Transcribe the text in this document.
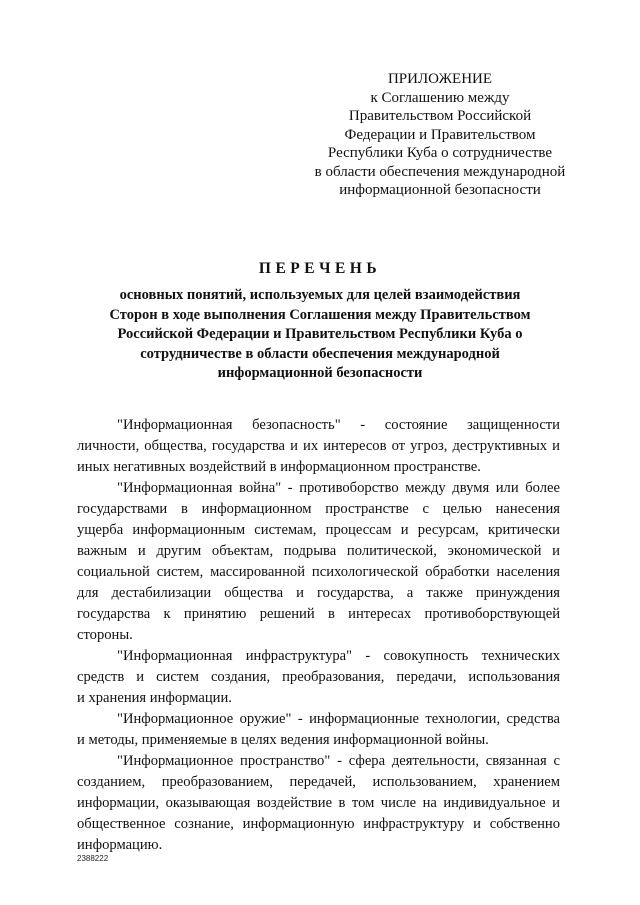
ПРИЛОЖЕНИЕ
к Соглашению между
Правительством Российской
Федерации и Правительством
Республики Куба о сотрудничестве
в области обеспечения международной
информационной безопасности
ПЕРЕЧЕНЬ
основных понятий, используемых для целей взаимодействия
Сторон в ходе выполнения Соглашения между Правительством
Российской Федерации и Правительством Республики Куба о
сотрудничестве в области обеспечения международной
информационной безопасности

"Информационная безопасность" - состояние защищенности
личности, общества, государства и их интересов от угроз, деструктивных и
иных негативных воздействий в информационном пространстве.

"Информационная война" - противоборство между двумя или более
государствами в информационном пространстве с целью нанесения
ущерба информационным системам, процессам и ресурсам, критически
важным и другим объектам, подрыва политической, экономической и
социальной систем, массированной психологической обработки населения
для дестабилизации общества и государства, а также принуждения
государства к принятию решений в интересах противоборствующей
стороны.

"Информационная инфраструктура" - совокупность технических
средств и систем создания, преобразования, передачи, использования
и хранения информации.

"Информационное оружие" - информационные технологии, средства
и методы, применяемые в целях ведения информационной войны.

"Информационное пространство" - сфера деятельности, связанная с
созданием, преобразованием, передачей, использованием, хранением
информации, оказывающая воздействие в том числе на индивидуальное и
общественное сознание, информационную инфраструктуру и собственно
информацию.

2388222
